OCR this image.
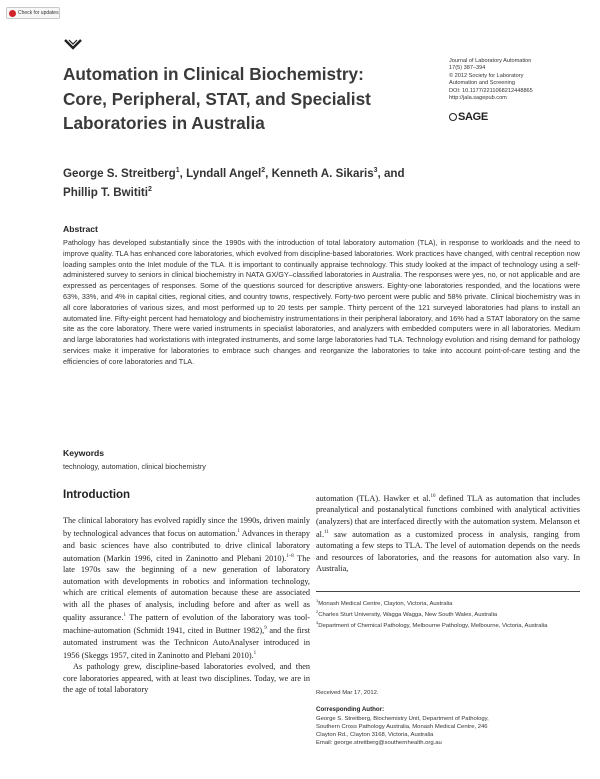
Check for updates
Journal of Laboratory Automation
17(5) 387–394
© 2012 Society for Laboratory
Automation and Screening
DOI: 10.1177/2211068212448865
http://jala.sagepub.com
SAGE
Automation in Clinical Biochemistry: Core, Peripheral, STAT, and Specialist Laboratories in Australia
George S. Streitberg$^1$, Lyndall Angel$^2$, Kenneth A. Sikaris$^3$, and
Phillip T. Bwititi$^2$
Abstract

Pathology has developed substantially since the 1990s with the introduction of total laboratory automation (TLA), in response to workloads and the need to improve quality. TLA has enhanced core laboratories, which evolved from discipline-based laboratories. Work practices have changed, with central reception now loading samples onto the Inlet module of the TLA. It is important to continually appraise technology. This study looked at the impact of technology using a self-administered survey to seniors in clinical biochemistry in NATA GX/GY–classified laboratories in Australia. The responses were yes, no, or not applicable and are expressed as percentages of responses. Some of the questions sourced for descriptive answers. Eighty-one laboratories responded, and the locations were 63%, 33%, and 4% in capital cities, regional cities, and country towns, respectively. Forty-two percent were public and 58% private. Clinical biochemistry was in all core laboratories of various sizes, and most performed up to 20 tests per sample. Thirty percent of the 121 surveyed laboratories had plans to install an automated line. Fifty-eight percent had hematology and biochemistry instrumentations in their peripheral laboratory, and 16% had a STAT laboratory on the same site as the core laboratory. There were varied instruments in specialist laboratories, and analyzers with embedded computers were in all laboratories. Medium and large laboratories had workstations with integrated instruments, and some large laboratories had TLA. Technology evolution and rising demand for pathology services make it imperative for laboratories to embrace such changes and reorganize the laboratories to take into account point-of-care testing and the efficiencies of core laboratories and TLA.

Keywords
technology, automation, clinical biochemistry
Introduction

The clinical laboratory has evolved rapidly since the 1990s, driven mainly by technological advances that focus on automation.$^1$ Advances in therapy and basic sciences have also contributed to drive clinical laboratory automation (Markin 1996, cited in Zaninotto and Plebani 2010).$^{1-8}$ The late 1970s saw the beginning of a new generation of laboratory automation with developments in robotics and information technology, which are critical elements of automation because these are associated with all the phases of analysis, including before and after as well as quality assurance.$^1$ The pattern of evolution of the laboratory was tool-machine-automation (Schmidt 1941, cited in Buttner 1982),$^9$ and the first automated instrument was the Technicon AutoAnalyser introduced in 1956 (Skeggs 1957, cited in Zaninotto and Plebani 2010).$^1$

As pathology grew, discipline-based laboratories evolved, and then core laboratories appeared, with at least two disciplines. Today, we are in the age of total laboratory

automation (TLA). Hawker et al.$^{10}$ defined TLA as automation that includes preanalytical and postanalytical functions combined with analytical activities (analyzers) that are interfaced directly with the automation system. Melanson et al.$^{11}$ saw automation as a customized process in analysis, ranging from automating a few steps to TLA. The level of automation depends on the needs and resources of laboratories, and the reasons for automation also vary. In Australia,

$^1$Monash Medical Centre, Clayton, Victoria, Australia
$^2$Charles Sturt University, Wagga Wagga, New South Wales, Australia
$^3$Department of Chemical Pathology, Melbourne Pathology, Melbourne, Victoria, Australia
Received Mar 17, 2012.
Corresponding Author:
George S. Streitberg, Biochemistry Unit, Department of Pathology,
Southern Cross Pathology Australia, Monash Medical Centre, 246
Clayton Rd., Clayton 3168, Victoria, Australia
Email: george.streitberg@southernhealth.org.au
